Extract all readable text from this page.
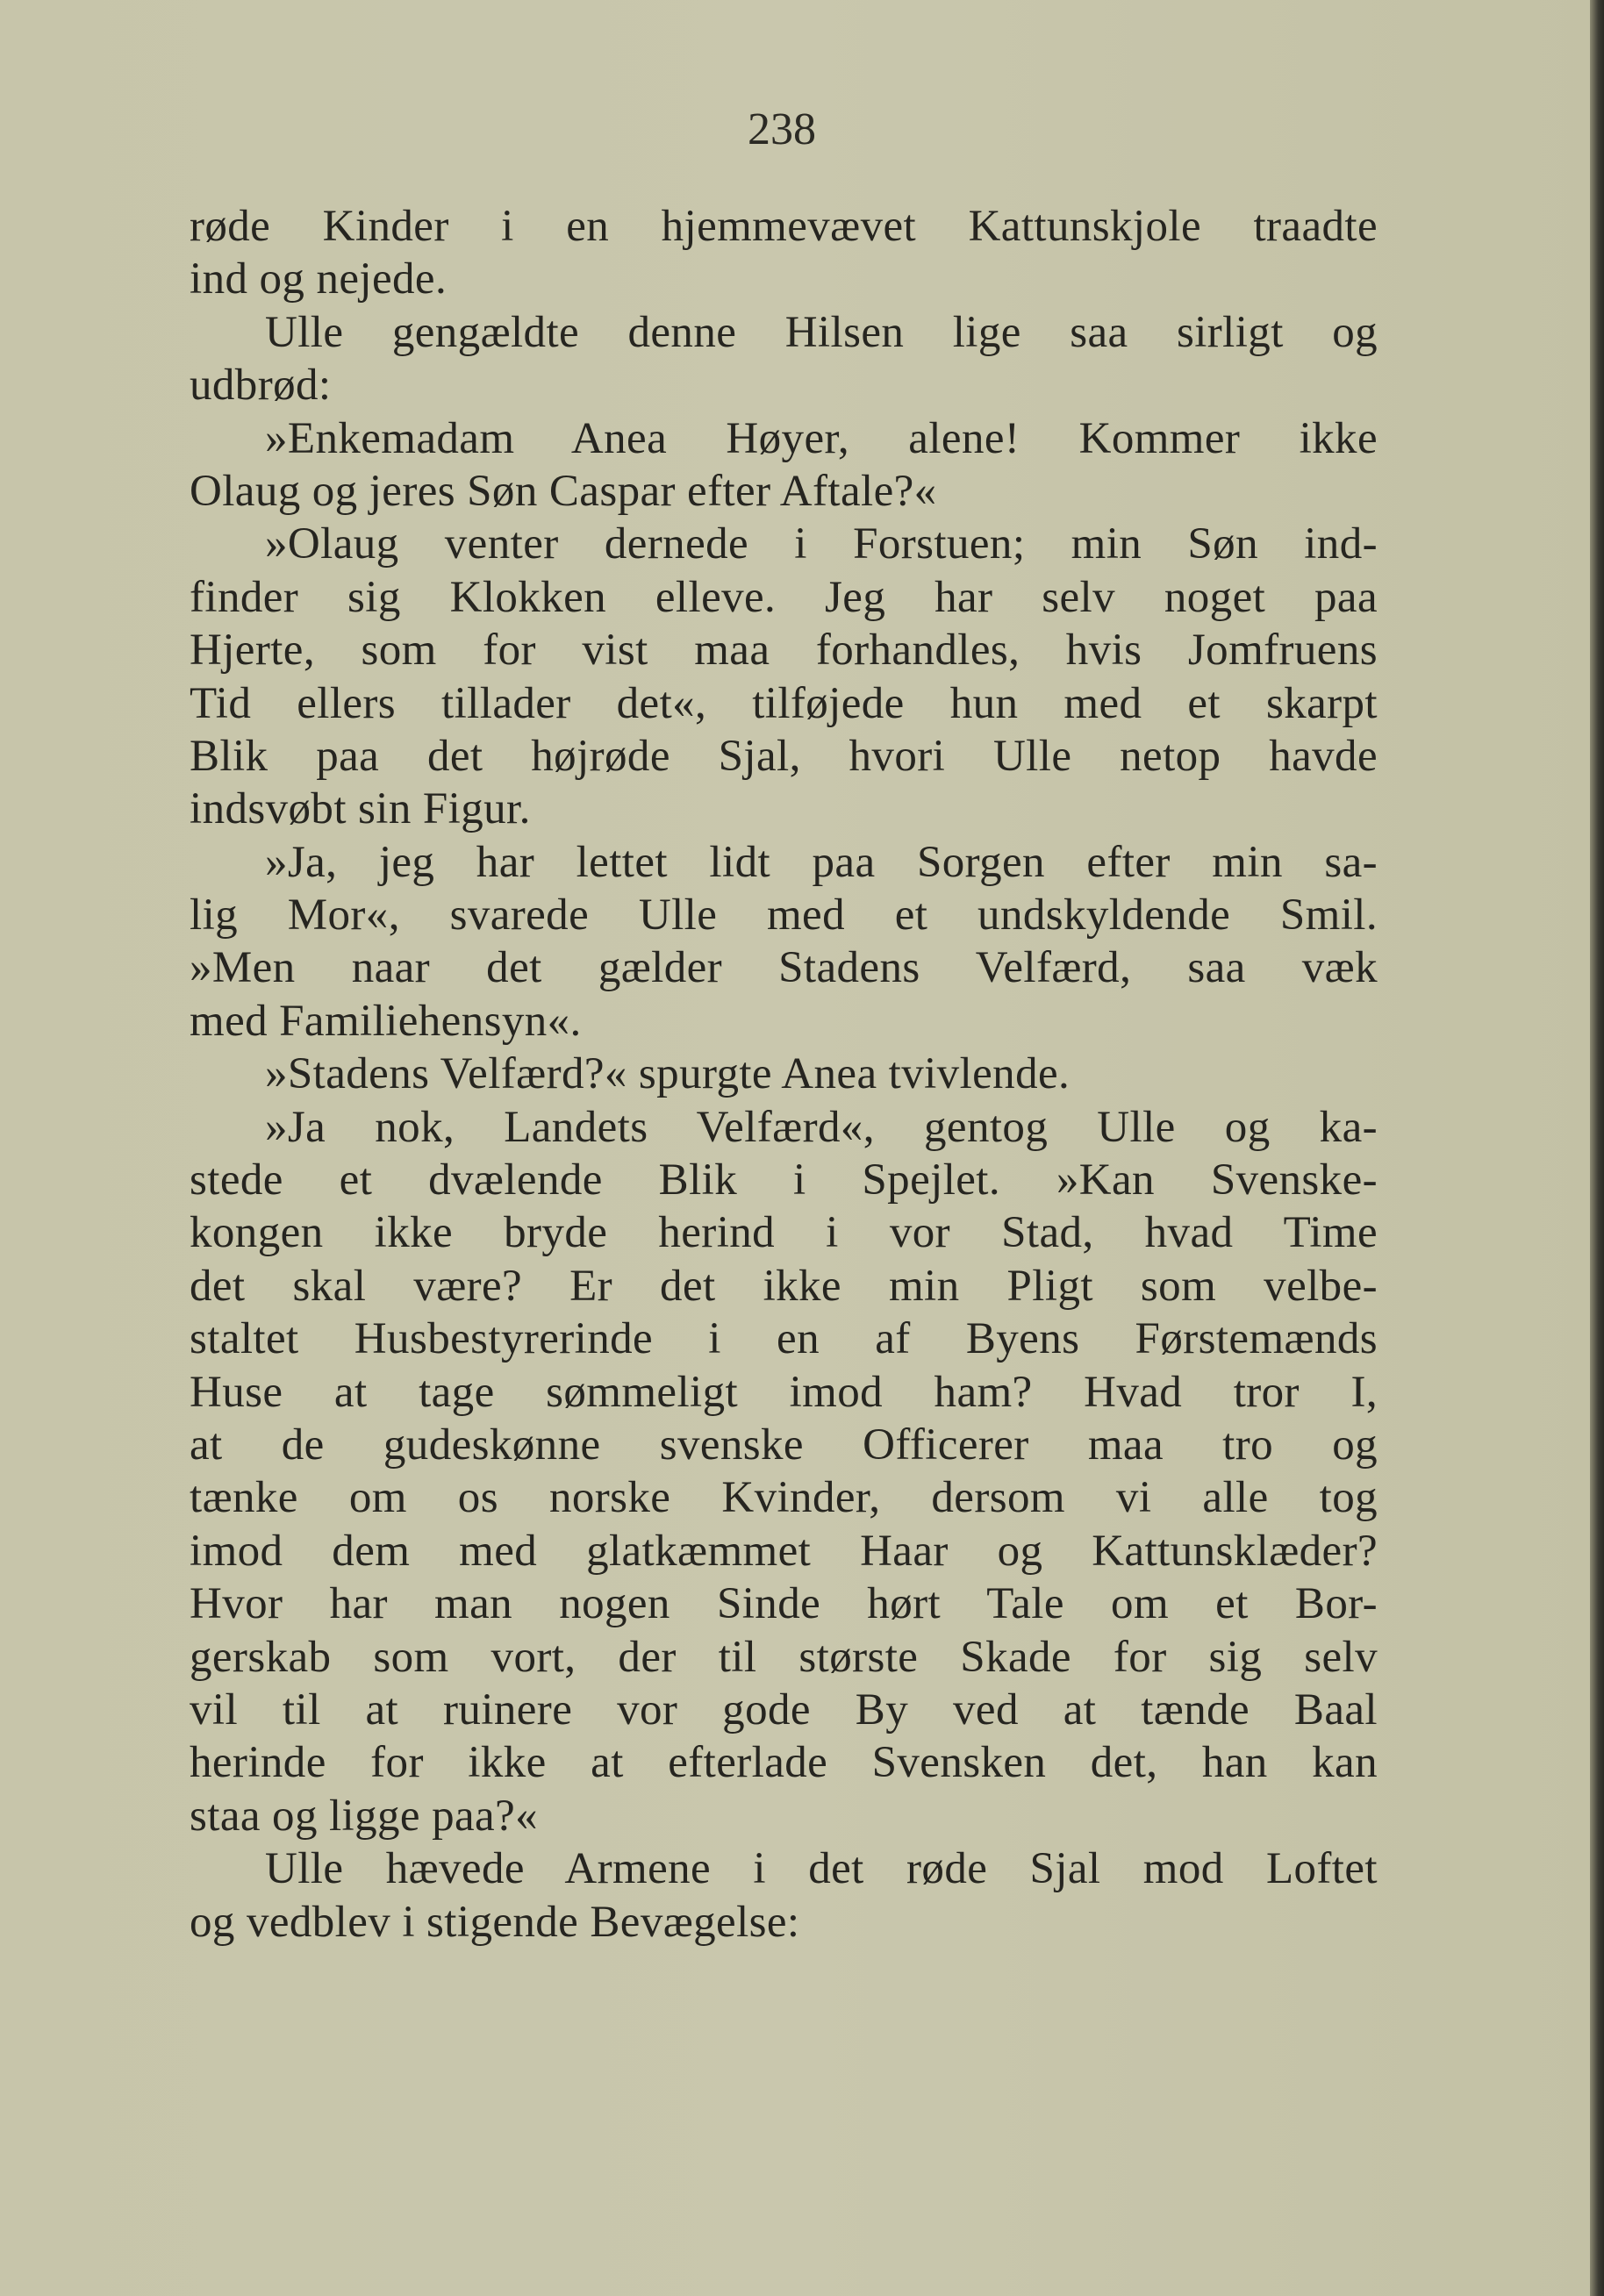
238
røde Kinder i en hjemmevævet Kattunskjole traadte
ind og nejede.
Ulle gengældte denne Hilsen lige saa sirligt og
udbrød:
»Enkemadam Anea Høyer, alene! Kommer ikke
Olaug og jeres Søn Caspar efter Aftale?«
»Olaug venter dernede i Forstuen; min Søn ind-
finder sig Klokken elleve. Jeg har selv noget paa
Hjerte, som for vist maa forhandles, hvis Jomfruens
Tid ellers tillader det«, tilføjede hun med et skarpt
Blik paa det højrøde Sjal, hvori Ulle netop havde
indsvøbt sin Figur.
»Ja, jeg har lettet lidt paa Sorgen efter min sa-
lig Mor«, svarede Ulle med et undskyldende Smil.
»Men naar det gælder Stadens Velfærd, saa væk
med Familiehensyn«.
»Stadens Velfærd?« spurgte Anea tvivlende.
»Ja nok, Landets Velfærd«, gentog Ulle og ka-
stede et dvælende Blik i Spejlet. »Kan Svenske-
kongen ikke bryde herind i vor Stad, hvad Time
det skal være? Er det ikke min Pligt som velbe-
staltet Husbestyrerinde i en af Byens Førstemænds
Huse at tage sømmeligt imod ham? Hvad tror I,
at de gudeskønne svenske Officerer maa tro og
tænke om os norske Kvinder, dersom vi alle tog
imod dem med glatkæmmet Haar og Kattunsklæder?
Hvor har man nogen Sinde hørt Tale om et Bor-
gerskab som vort, der til største Skade for sig selv
vil til at ruinere vor gode By ved at tænde Baal
herinde for ikke at efterlade Svensken det, han kan
staa og ligge paa?«
Ulle hævede Armene i det røde Sjal mod Loftet
og vedblev i stigende Bevægelse:
